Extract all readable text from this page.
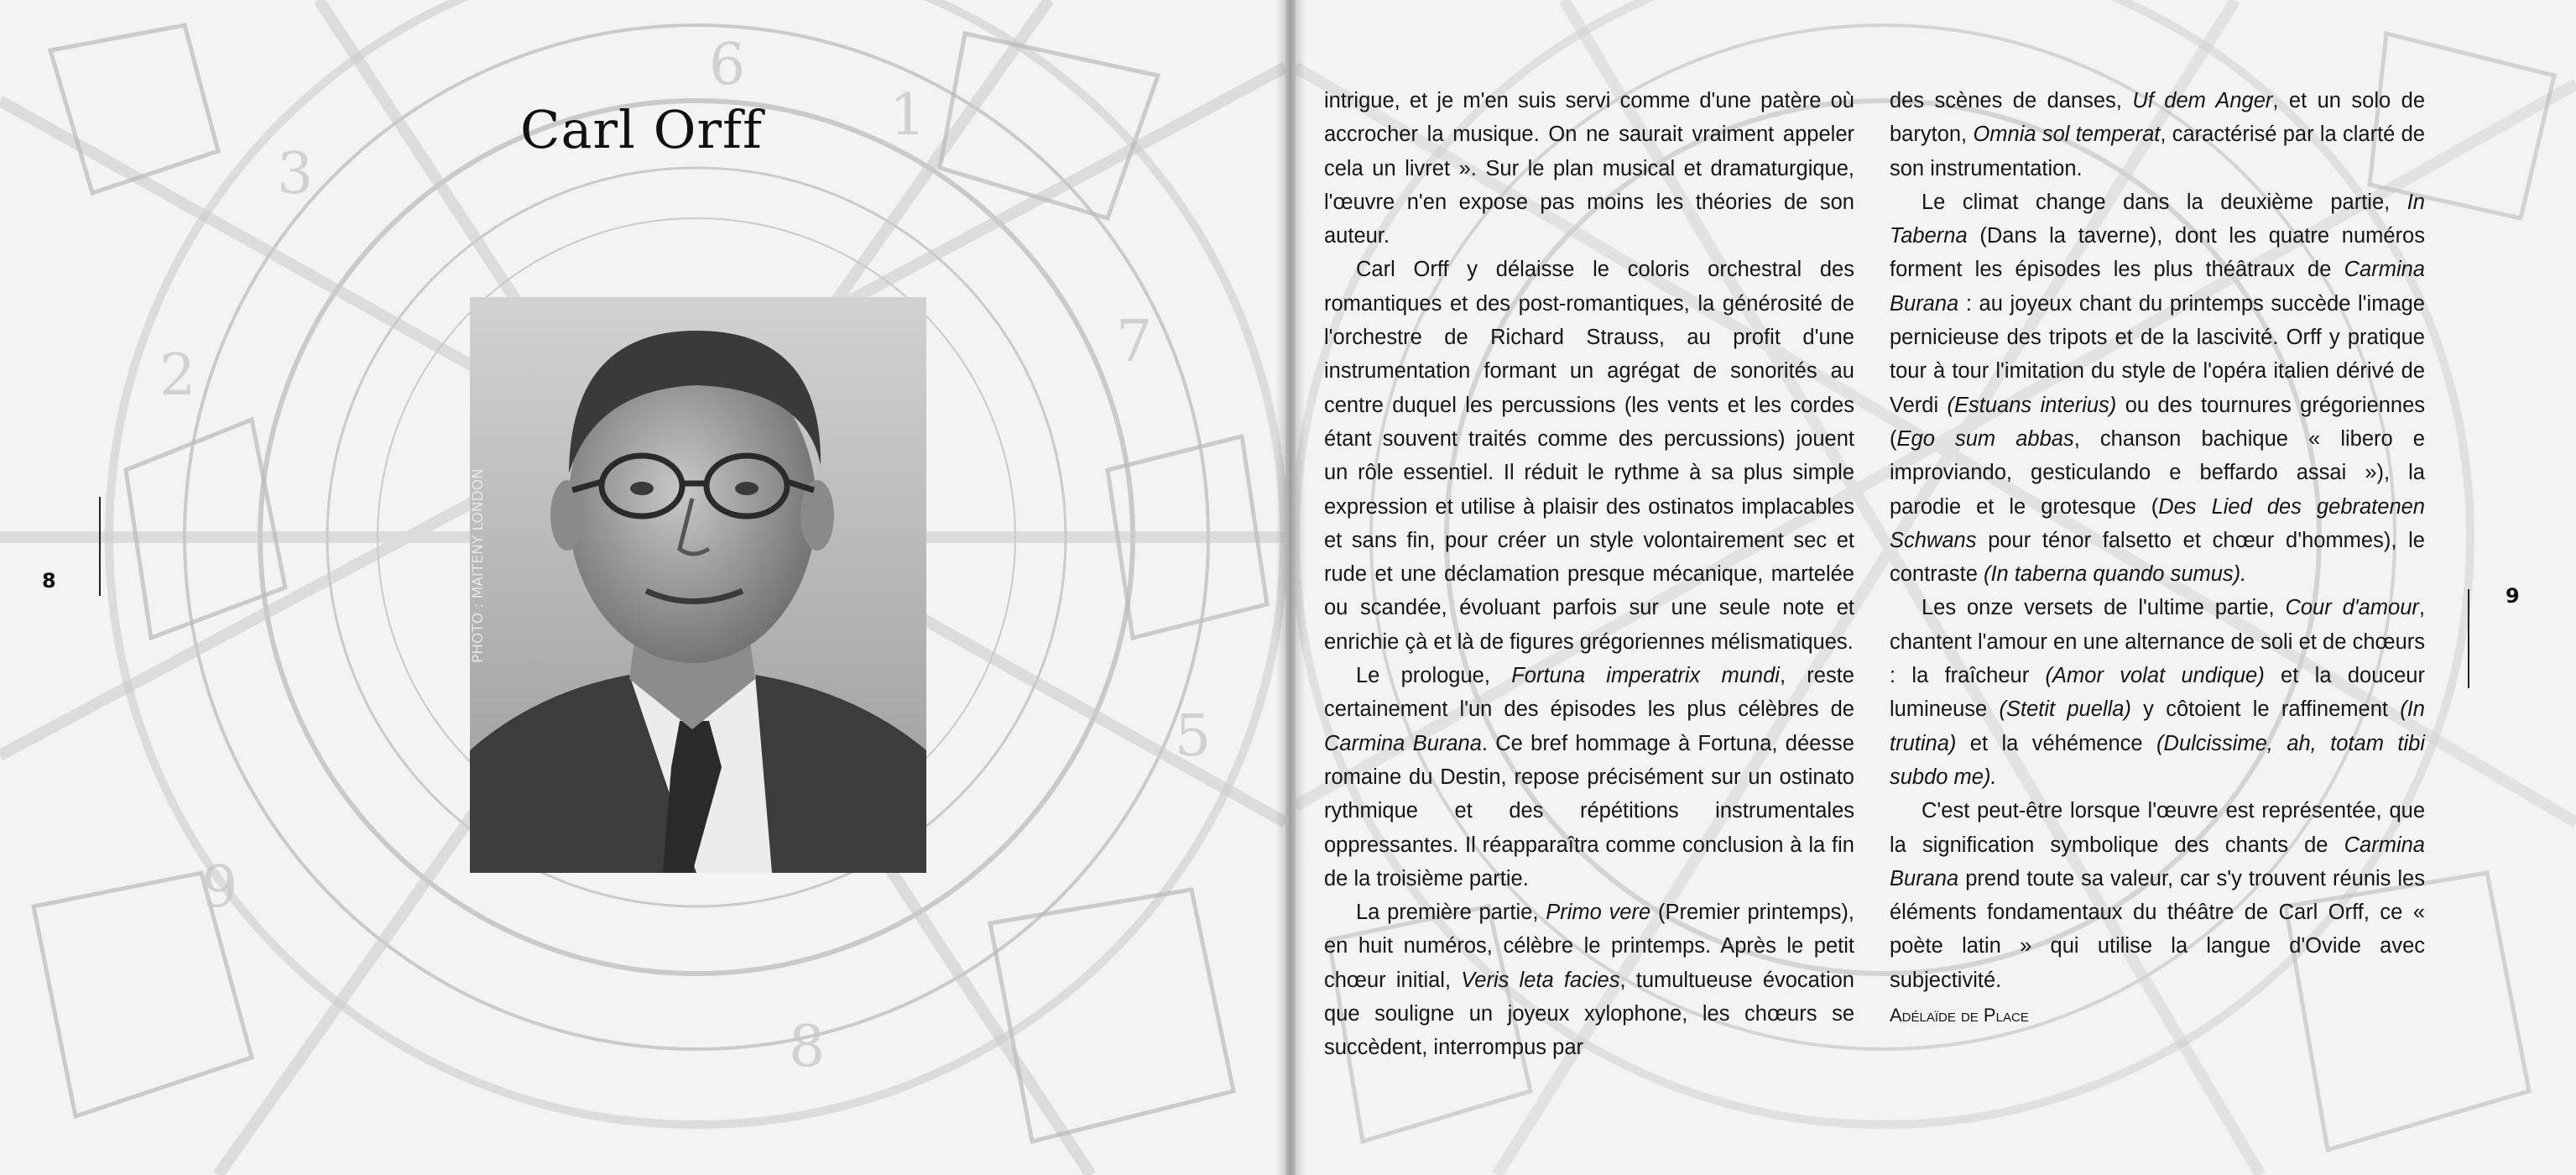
6
1
3
9
8
5
2
7
Carl Orff
PHOTO : MAITENY LONDON
8
9

intrigue, et je m'en suis servi comme d'une patère où accrocher la musique. On ne saurait vraiment appeler cela un livret ». Sur le plan musical et dramaturgique, l'œuvre n'en expose pas moins les théories de son auteur.

Carl Orff y délaisse le coloris orchestral des romantiques et des post-romantiques, la générosité de l'orchestre de Richard Strauss, au profit d'une instrumentation formant un agrégat de sonorités au centre duquel les percussions (les vents et les cordes étant souvent traités comme des percussions) jouent un rôle essentiel. Il réduit le rythme à sa plus simple expression et utilise à plaisir des ostinatos implacables et sans fin, pour créer un style volontairement sec et rude et une déclamation presque mécanique, martelée ou scandée, évoluant parfois sur une seule note et enrichie çà et là de figures grégoriennes mélismatiques.

Le prologue, Fortuna imperatrix mundi, reste certainement l'un des épisodes les plus célèbres de Carmina Burana. Ce bref hommage à Fortuna, déesse romaine du Destin, repose précisément sur un ostinato rythmique et des répétitions instrumentales oppressantes. Il réapparaîtra comme conclusion à la fin de la troisième partie.

La première partie, Primo vere (Premier printemps), en huit numéros, célèbre le printemps. Après le petit chœur initial, Veris leta facies, tumultueuse évocation que souligne un joyeux xylophone, les chœurs se succèdent, interrompus par

des scènes de danses, Uf dem Anger, et un solo de baryton, Omnia sol temperat, caractérisé par la clarté de son instrumentation.

Le climat change dans la deuxième partie, In Taberna (Dans la taverne), dont les quatre numéros forment les épisodes les plus théâtraux de Carmina Burana : au joyeux chant du printemps succède l'image pernicieuse des tripots et de la lascivité. Orff y pratique tour à tour l'imitation du style de l'opéra italien dérivé de Verdi (Estuans interius) ou des tournures grégoriennes (Ego sum abbas, chanson bachique « libero e improviando, gesticulando e beffardo assai »), la parodie et le grotesque (Des Lied des gebratenen Schwans pour ténor falsetto et chœur d'hommes), le contraste (In taberna quando sumus).

Les onze versets de l'ultime partie, Cour d'amour, chantent l'amour en une alternance de soli et de chœurs : la fraîcheur (Amor volat undique) et la douceur lumineuse (Stetit puella) y côtoient le raffinement (In trutina) et la véhémence (Dulcissime, ah, totam tibi subdo me).

C'est peut-être lorsque l'œuvre est représentée, que la signification symbolique des chants de Carmina Burana prend toute sa valeur, car s'y trouvent réunis les éléments fondamentaux du théâtre de Carl Orff, ce « poète latin » qui utilise la langue d'Ovide avec subjectivité.

Adélaïde de Place
